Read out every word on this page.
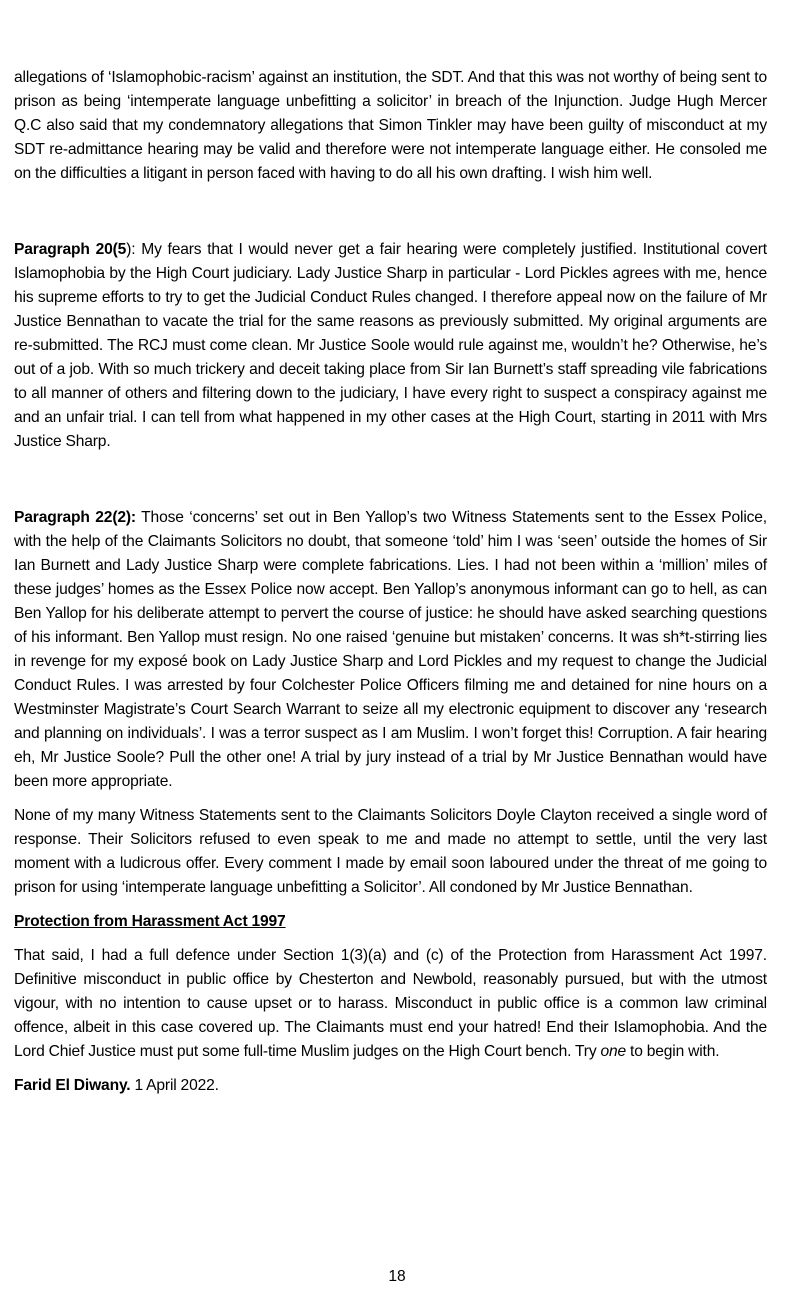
allegations of ‘Islamophobic-racism’ against an institution, the SDT. And that this was not worthy of being sent to prison as being ‘intemperate language unbefitting a solicitor’ in breach of the Injunction. Judge Hugh Mercer Q.C also said that my condemnatory allegations that Simon Tinkler may have been guilty of misconduct at my SDT re-admittance hearing may be valid and therefore were not intemperate language either. He consoled me on the difficulties a litigant in person faced with having to do all his own drafting. I wish him well.

Paragraph 20(5): My fears that I would never get a fair hearing were completely justified. Institutional covert Islamophobia by the High Court judiciary. Lady Justice Sharp in particular - Lord Pickles agrees with me, hence his supreme efforts to try to get the Judicial Conduct Rules changed. I therefore appeal now on the failure of Mr Justice Bennathan to vacate the trial for the same reasons as previously submitted. My original arguments are re-submitted. The RCJ must come clean. Mr Justice Soole would rule against me, wouldn’t he? Otherwise, he’s out of a job. With so much trickery and deceit taking place from Sir Ian Burnett’s staff spreading vile fabrications to all manner of others and filtering down to the judiciary, I have every right to suspect a conspiracy against me and an unfair trial. I can tell from what happened in my other cases at the High Court, starting in 2011 with Mrs Justice Sharp.

Paragraph 22(2): Those ‘concerns’ set out in Ben Yallop’s two Witness Statements sent to the Essex Police, with the help of the Claimants Solicitors no doubt, that someone ‘told’ him I was ‘seen’ outside the homes of Sir Ian Burnett and Lady Justice Sharp were complete fabrications. Lies. I had not been within a ‘million’ miles of these judges’ homes as the Essex Police now accept. Ben Yallop’s anonymous informant can go to hell, as can Ben Yallop for his deliberate attempt to pervert the course of justice: he should have asked searching questions of his informant. Ben Yallop must resign. No one raised ‘genuine but mistaken’ concerns. It was sh*t-stirring lies in revenge for my exposé book on Lady Justice Sharp and Lord Pickles and my request to change the Judicial Conduct Rules. I was arrested by four Colchester Police Officers filming me and detained for nine hours on a Westminster Magistrate’s Court Search Warrant to seize all my electronic equipment to discover any ‘research and planning on individuals’. I was a terror suspect as I am Muslim. I won’t forget this! Corruption. A fair hearing eh, Mr Justice Soole? Pull the other one! A trial by jury instead of a trial by Mr Justice Bennathan would have been more appropriate.

None of my many Witness Statements sent to the Claimants Solicitors Doyle Clayton received a single word of response. Their Solicitors refused to even speak to me and made no attempt to settle, until the very last moment with a ludicrous offer. Every comment I made by email soon laboured under the threat of me going to prison for using ‘intemperate language unbefitting a Solicitor’. All condoned by Mr Justice Bennathan.

Protection from Harassment Act 1997

That said, I had a full defence under Section 1(3)(a) and (c) of the Protection from Harassment Act 1997. Definitive misconduct in public office by Chesterton and Newbold, reasonably pursued, but with the utmost vigour, with no intention to cause upset or to harass. Misconduct in public office is a common law criminal offence, albeit in this case covered up. The Claimants must end your hatred! End their Islamophobia. And the Lord Chief Justice must put some full-time Muslim judges on the High Court bench. Try one to begin with.

Farid El Diwany. 1 April 2022.

18
